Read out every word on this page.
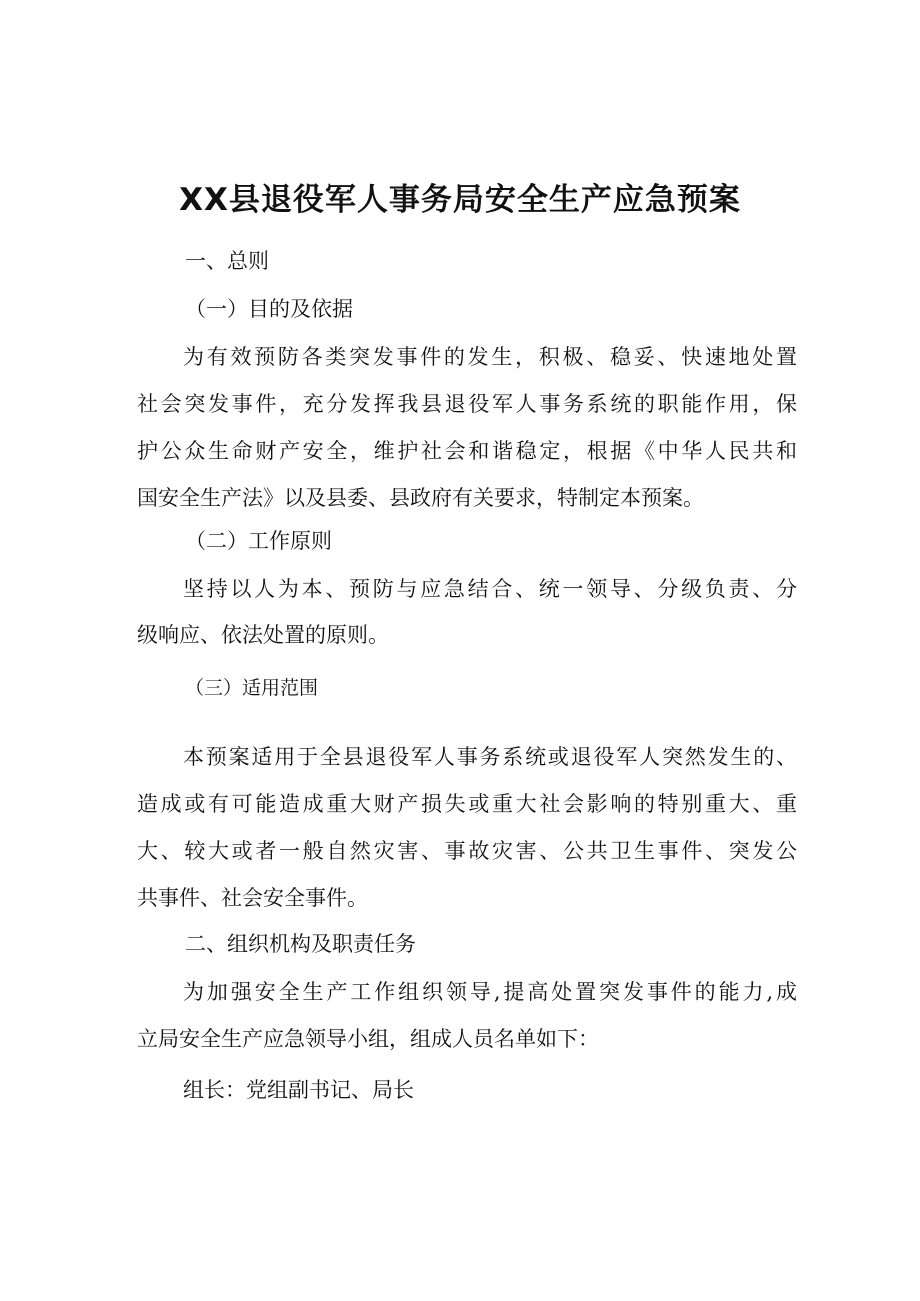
XX县退役军人事务局安全生产应急预案

一、总则

（一）目的及依据

为有效预防各类突发事件的发生，积极、稳妥、快速地处置

社会突发事件，充分发挥我县退役军人事务系统的职能作用，保

护公众生命财产安全，维护社会和谐稳定，根据《中华人民共和

国安全生产法》以及县委、县政府有关要求，特制定本预案。

（二）工作原则

坚持以人为本、预防与应急结合、统一领导、分级负责、分

级响应、依法处置的原则。

（三）适用范围

本预案适用于全县退役军人事务系统或退役军人突然发生的、

造成或有可能造成重大财产损失或重大社会影响的特别重大、重

大、较大或者一般自然灾害、事故灾害、公共卫生事件、突发公

共事件、社会安全事件。

二、组织机构及职责任务

为加强安全生产工作组织领导,提高处置突发事件的能力,成

立局安全生产应急领导小组，组成人员名单如下：

组长：党组副书记、局长
